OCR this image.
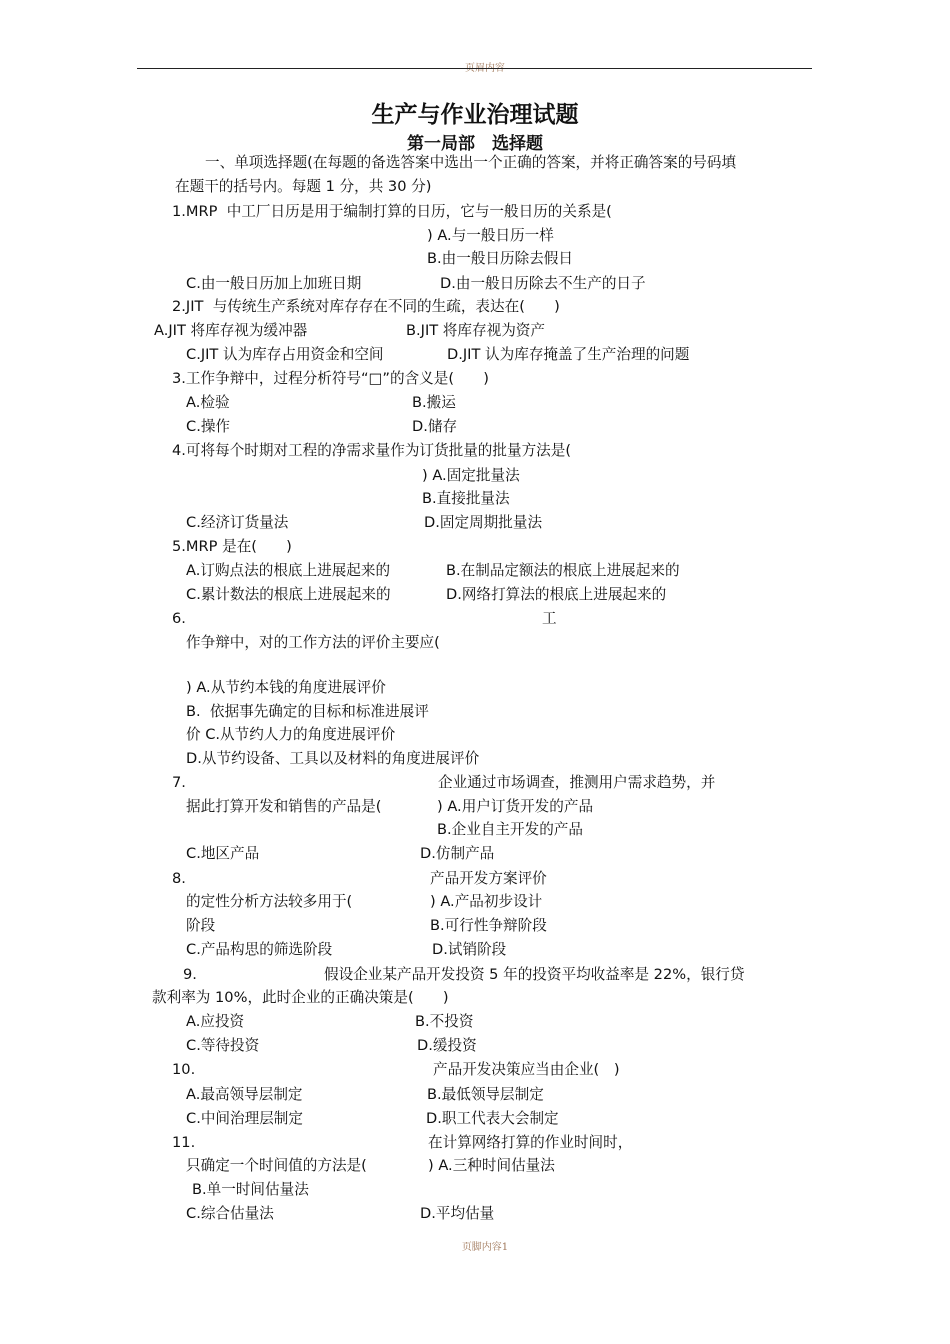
页眉内容
生产与作业治理试题
第一局部　选择题
一、单项选择题(在每题的备选答案中选出一个正确的答案，并将正确答案的号码填
在题干的括号内。每题 1 分，共 30 分)
1.MRP  中工厂日历是用于编制打算的日历，它与一般日历的关系是(
) A.与一般日历一样
B.由一般日历除去假日
C.由一般日历加上加班日期	D.由一般日历除去不生产的日子
2.JIT  与传统生产系统对库存存在不同的生疏，表达在(　　)
A.JIT 将库存视为缓冲器	B.JIT 将库存视为资产
C.JIT 认为库存占用资金和空间	D.JIT 认为库存掩盖了生产治理的问题
3.工作争辩中，过程分析符号“□”的含义是(　　)
A.检验	B.搬运
C.操作	D.储存
4.可将每个时期对工程的净需求量作为订货批量的批量方法是(
) A.固定批量法
B.直接批量法
C.经济订货量法	D.固定周期批量法
5.MRP 是在(　　)
A.订购点法的根底上进展起来的	B.在制品定额法的根底上进展起来的
C.累计数法的根底上进展起来的	D.网络打算法的根底上进展起来的
6.	工
作争辩中，对的工作方法的评价主要应(
) A.从节约本钱的角度进展评价
B.  依据事先确定的目标和标准进展评
价 C.从节约人力的角度进展评价
D.从节约设备、工具以及材料的角度进展评价
7.	企业通过市场调查，推测用户需求趋势，并
据此打算开发和销售的产品是(	) A.用户订货开发的产品
B.企业自主开发的产品
C.地区产品	D.仿制产品
8.	产品开发方案评价
的定性分析方法较多用于(	) A.产品初步设计
阶段	B.可行性争辩阶段
C.产品构思的筛选阶段	D.试销阶段
9.	假设企业某产品开发投资 5 年的投资平均收益率是 22%，银行贷
款利率为 10%，此时企业的正确决策是(　　)
A.应投资	B.不投资
C.等待投资	D.缓投资
10.	产品开发决策应当由企业(　)
A.最高领导层制定	B.最低领导层制定
C.中间治理层制定	D.职工代表大会制定
11.	在计算网络打算的作业时间时，
只确定一个时间值的方法是(	) A.三种时间估量法
B.单一时间估量法
C.综合估量法	D.平均估量
页脚内容1
